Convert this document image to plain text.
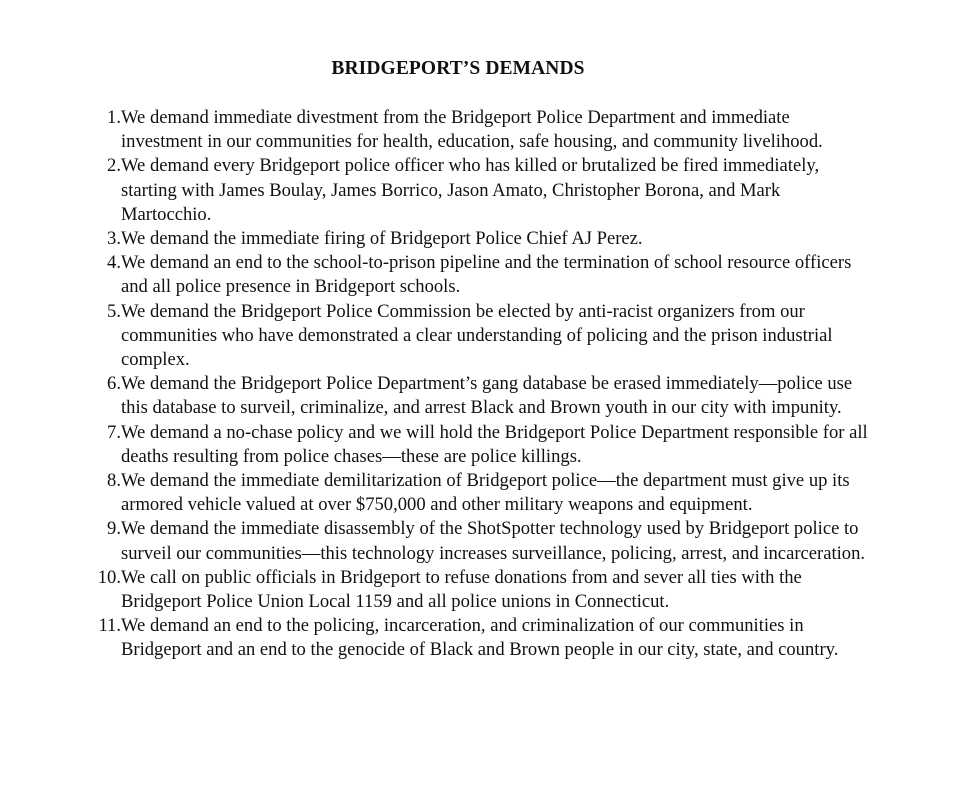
BRIDGEPORT’S DEMANDS
1. We demand immediate divestment from the Bridgeport Police Department and immediate investment in our communities for health, education, safe housing, and community livelihood.
2. We demand every Bridgeport police officer who has killed or brutalized be fired immediately, starting with James Boulay, James Borrico, Jason Amato, Christopher Borona, and Mark Martocchio.
3. We demand the immediate firing of Bridgeport Police Chief AJ Perez.
4. We demand an end to the school-to-prison pipeline and the termination of school resource officers and all police presence in Bridgeport schools.
5. We demand the Bridgeport Police Commission be elected by anti-racist organizers from our communities who have demonstrated a clear understanding of policing and the prison industrial complex.
6. We demand the Bridgeport Police Department’s gang database be erased immediately—police use this database to surveil, criminalize, and arrest Black and Brown youth in our city with impunity.
7. We demand a no-chase policy and we will hold the Bridgeport Police Department responsible for all deaths resulting from police chases—these are police killings.
8. We demand the immediate demilitarization of Bridgeport police—the department must give up its armored vehicle valued at over $750,000 and other military weapons and equipment.
9. We demand the immediate disassembly of the ShotSpotter technology used by Bridgeport police to surveil our communities—this technology increases surveillance, policing, arrest, and incarceration.
10. We call on public officials in Bridgeport to refuse donations from and sever all ties with the Bridgeport Police Union Local 1159 and all police unions in Connecticut.
11. We demand an end to the policing, incarceration, and criminalization of our communities in Bridgeport and an end to the genocide of Black and Brown people in our city, state, and country.
